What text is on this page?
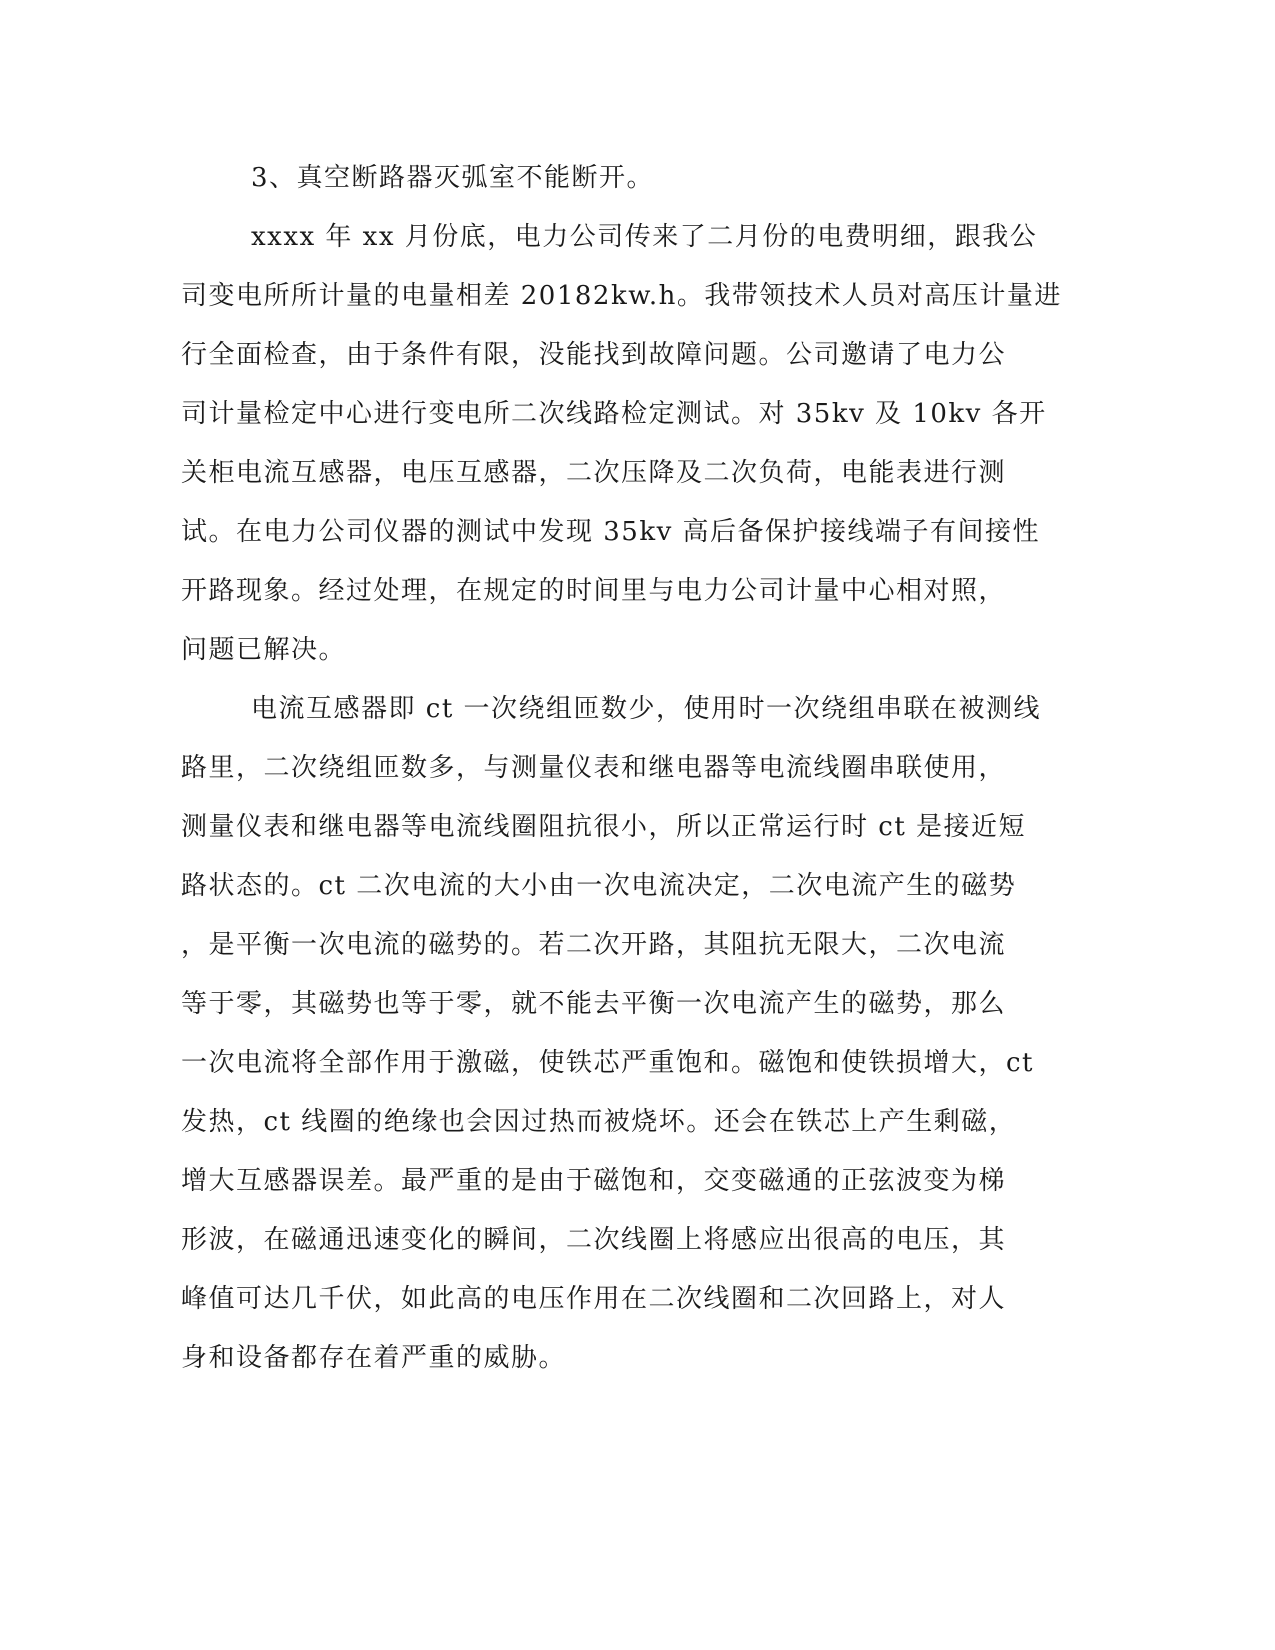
3、真空断路器灭弧室不能断开。
xxxx 年 xx 月份底，电力公司传来了二月份的电费明细，跟我公
司变电所所计量的电量相差 20182kw.h。我带领技术人员对高压计量进
行全面检查，由于条件有限，没能找到故障问题。公司邀请了电力公
司计量检定中心进行变电所二次线路检定测试。对 35kv 及 10kv 各开
关柜电流互感器，电压互感器，二次压降及二次负荷，电能表进行测
试。在电力公司仪器的测试中发现 35kv 高后备保护接线端子有间接性
开路现象。经过处理，在规定的时间里与电力公司计量中心相对照，
问题已解决。
电流互感器即 ct 一次绕组匝数少，使用时一次绕组串联在被测线
路里，二次绕组匝数多，与测量仪表和继电器等电流线圈串联使用，
测量仪表和继电器等电流线圈阻抗很小，所以正常运行时 ct 是接近短
路状态的。ct 二次电流的大小由一次电流决定，二次电流产生的磁势
，是平衡一次电流的磁势的。若二次开路，其阻抗无限大，二次电流
等于零，其磁势也等于零，就不能去平衡一次电流产生的磁势，那么
一次电流将全部作用于激磁，使铁芯严重饱和。磁饱和使铁损增大，ct
发热，ct 线圈的绝缘也会因过热而被烧坏。还会在铁芯上产生剩磁，
增大互感器误差。最严重的是由于磁饱和，交变磁通的正弦波变为梯
形波，在磁通迅速变化的瞬间，二次线圈上将感应出很高的电压，其
峰值可达几千伏，如此高的电压作用在二次线圈和二次回路上，对人
身和设备都存在着严重的威胁。
